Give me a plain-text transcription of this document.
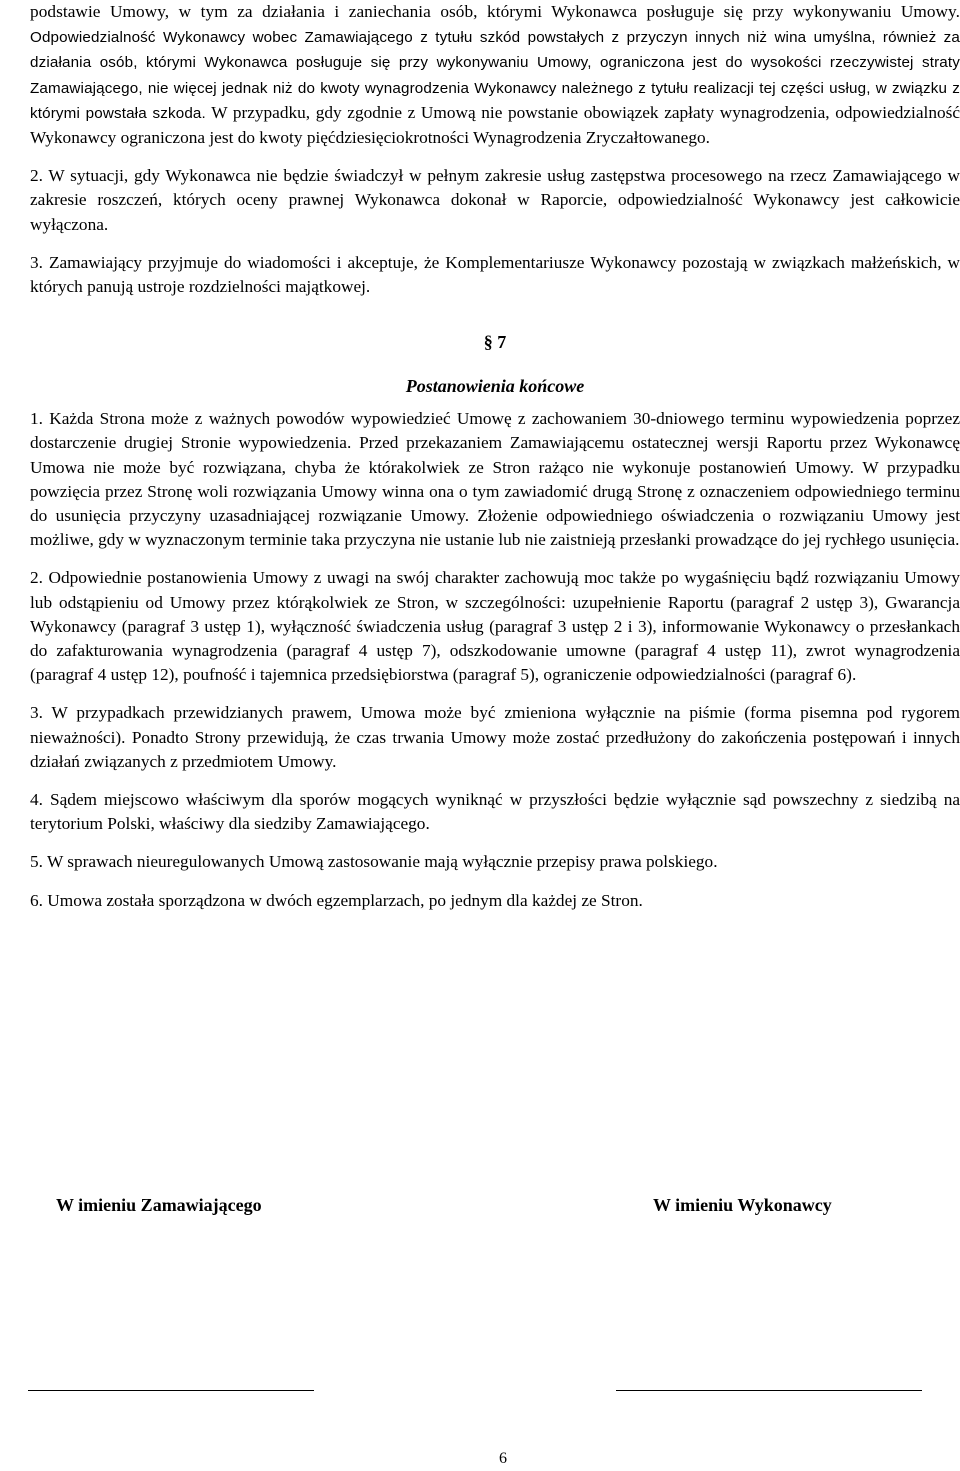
podstawie Umowy, w tym za działania i zaniechania osób, którymi Wykonawca posługuje się przy wykonywaniu Umowy. Odpowiedzialność Wykonawcy wobec Zamawiającego z tytułu szkód powstałych z przyczyn innych niż wina umyślna, również za działania osób, którymi Wykonawca posługuje się przy wykonywaniu Umowy, ograniczona jest do wysokości rzeczywistej straty Zamawiającego, nie więcej jednak niż do kwoty wynagrodzenia Wykonawcy należnego z tytułu realizacji tej części usług, w związku z którymi powstała szkoda. W przypadku, gdy zgodnie z Umową nie powstanie obowiązek zapłaty wynagrodzenia, odpowiedzialność Wykonawcy ograniczona jest do kwoty pięćdziesięciokrotności Wynagrodzenia Zryczałtowanego.

2. W sytuacji, gdy Wykonawca nie będzie świadczył w pełnym zakresie usług zastępstwa procesowego na rzecz Zamawiającego w zakresie roszczeń, których oceny prawnej Wykonawca dokonał w Raporcie, odpowiedzialność Wykonawcy jest całkowicie wyłączona.

3. Zamawiający przyjmuje do wiadomości i akceptuje, że Komplementariusze Wykonawcy pozostają w związkach małżeńskich, w których panują ustroje rozdzielności majątkowej.

§ 7
Postanowienia końcowe

1. Każda Strona może z ważnych powodów wypowiedzieć Umowę z zachowaniem 30-dniowego terminu wypowiedzenia poprzez dostarczenie drugiej Stronie wypowiedzenia. Przed przekazaniem Zamawiającemu ostatecznej wersji Raportu przez Wykonawcę Umowa nie może być rozwiązana, chyba że którakolwiek ze Stron rażąco nie wykonuje postanowień Umowy. W przypadku powzięcia przez Stronę woli rozwiązania Umowy winna ona o tym zawiadomić drugą Stronę z oznaczeniem odpowiedniego terminu do usunięcia przyczyny uzasadniającej rozwiązanie Umowy. Złożenie odpowiedniego oświadczenia o rozwiązaniu Umowy jest możliwe, gdy w wyznaczonym terminie taka przyczyna nie ustanie lub nie zaistnieją przesłanki prowadzące do jej rychłego usunięcia.

2. Odpowiednie postanowienia Umowy z uwagi na swój charakter zachowują moc także po wygaśnięciu bądź rozwiązaniu Umowy lub odstąpieniu od Umowy przez którąkolwiek ze Stron, w szczególności: uzupełnienie Raportu (paragraf 2 ustęp 3), Gwarancja Wykonawcy (paragraf 3 ustęp 1), wyłączność świadczenia usług (paragraf 3 ustęp 2 i 3), informowanie Wykonawcy o przesłankach do zafakturowania wynagrodzenia (paragraf 4 ustęp 7), odszkodowanie umowne (paragraf 4 ustęp 11), zwrot wynagrodzenia (paragraf 4 ustęp 12), poufność i tajemnica przedsiębiorstwa (paragraf 5), ograniczenie odpowiedzialności (paragraf 6).

3. W przypadkach przewidzianych prawem, Umowa może być zmieniona wyłącznie na piśmie (forma pisemna pod rygorem nieważności). Ponadto Strony przewidują, że czas trwania Umowy może zostać przedłużony do zakończenia postępowań i innych działań związanych z przedmiotem Umowy.

4. Sądem miejscowo właściwym dla sporów mogących wyniknąć w przyszłości będzie wyłącznie sąd powszechny z siedzibą na terytorium Polski, właściwy dla siedziby Zamawiającego.

5. W sprawach nieuregulowanych Umową zastosowanie mają wyłącznie przepisy prawa polskiego.

6. Umowa została sporządzona w dwóch egzemplarzach, po jednym dla każdej ze Stron.

W imieniu Zamawiającego	W imieniu Wykonawcy
6
